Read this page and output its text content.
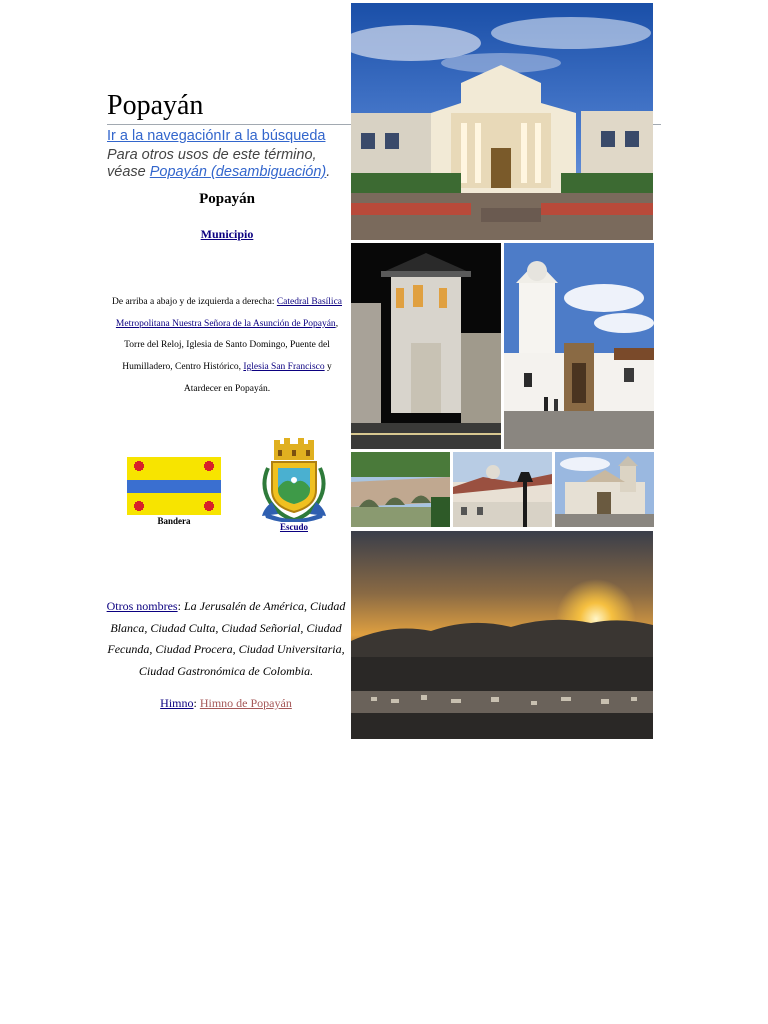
Popayán
Ir a la navegaciónIr a la búsqueda
Para otros usos de este término, véase Popayán (desambiguación).
Popayán
Municipio
De arriba a abajo y de izquierda a derecha: Catedral Basílica Metropolitana Nuestra Señora de la Asunción de Popayán, Torre del Reloj, Iglesia de Santo Domingo, Puente del Humilladero, Centro Histórico, Iglesia San Francisco y Atardecer en Popayán.
Bandera
Escudo
Otros nombres: La Jerusalén de América, Ciudad Blanca, Ciudad Culta, Ciudad Señorial, Ciudad Fecunda, Ciudad Procera, Ciudad Universitaria, Ciudad Gastronómica de Colombia.
Himno: Himno de Popayán
